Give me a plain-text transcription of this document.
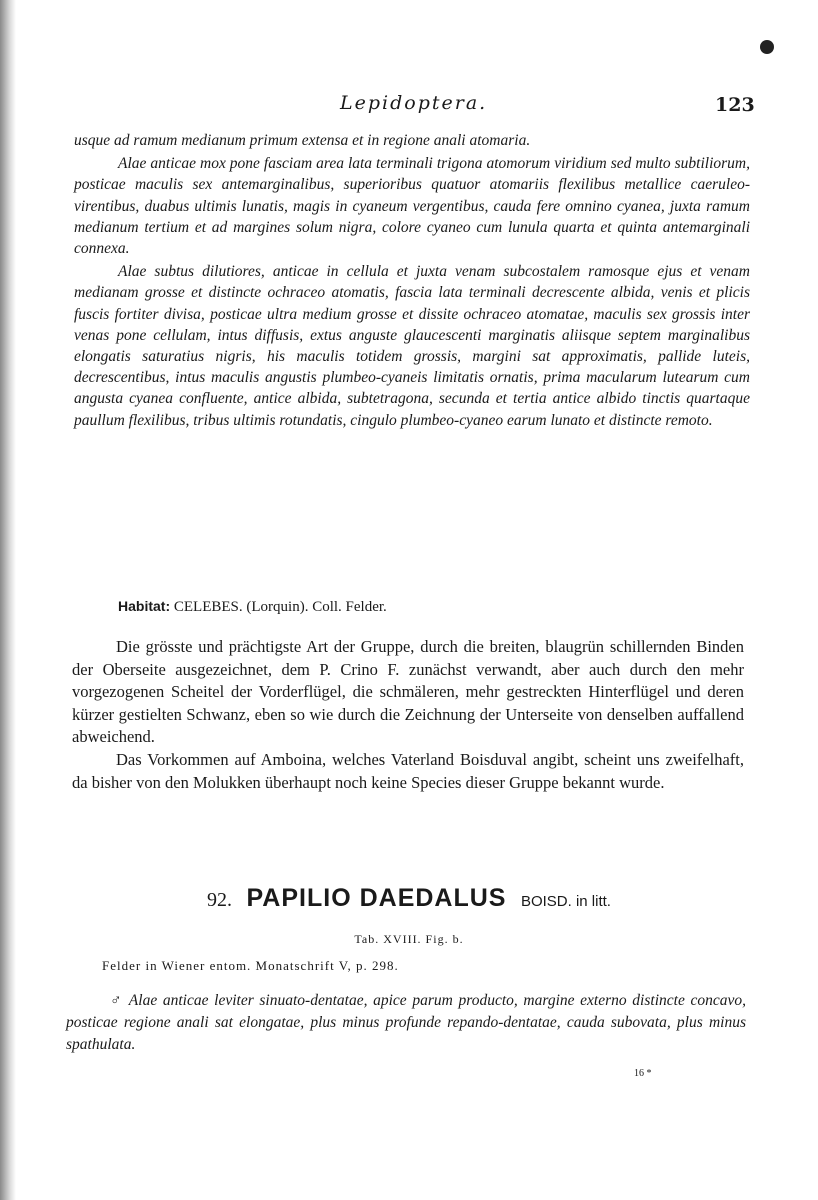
Lepidoptera.	123

usque ad ramum medianum primum extensa et in regione anali atomaria.

Alae anticae mox pone fasciam area lata terminali trigona atomorum viridium sed multo subtiliorum, posticae maculis sex antemarginalibus, superioribus quatuor atomariis flexilibus metallice caeruleo-virentibus, duabus ultimis lunatis, magis in cyaneum vergentibus, cauda fere omnino cyanea, juxta ramum medianum tertium et ad margines solum nigra, colore cyaneo cum lunula quarta et quinta antemarginali connexa.

Alae subtus dilutiores, anticae in cellula et juxta venam subcostalem ramosque ejus et venam medianam grosse et distincte ochraceo atomatis, fascia lata terminali decrescente albida, venis et plicis fuscis fortiter divisa, posticae ultra medium grosse et dissite ochraceo atomatae, maculis sex grossis inter venas pone cellulam, intus diffusis, extus anguste glaucescenti marginatis aliisque septem marginalibus elongatis saturatius nigris, his maculis totidem grossis, margini sat approximatis, pallide luteis, decrescentibus, intus maculis angustis plumbeo-cyaneis limitatis ornatis, prima macularum lutearum cum angusta cyanea confluente, antice albida, subtetragona, secunda et tertia antice albido tinctis quartaque paullum flexilibus, tribus ultimis rotundatis, cingulo plumbeo-cyaneo earum lunato et distincte remoto.

Habitat: CELEBES. (Lorquin). Coll. Felder.

Die grösste und prächtigste Art der Gruppe, durch die breiten, blaugrün schillernden Binden der Oberseite ausgezeichnet, dem P. Crino F. zunächst verwandt, aber auch durch den mehr vorgezogenen Scheitel der Vorderflügel, die schmäleren, mehr gestreckten Hinterflügel und deren kürzer gestielten Schwanz, eben so wie durch die Zeichnung der Unterseite von denselben auffallend abweichend.

Das Vorkommen auf Amboina, welches Vaterland Boisduval angibt, scheint uns zweifelhaft, da bisher von den Molukken überhaupt noch keine Species dieser Gruppe bekannt wurde.

92. PAPILIO DAEDALUS BOISD. in litt.
Tab. XVIII. Fig. b.
Felder in Wiener entom. Monatschrift V, p. 298.

♂ Alae anticae leviter sinuato-dentatae, apice parum producto, margine externo distincte concavo, posticae regione anali sat elongatae, plus minus profunde repando-dentatae, cauda subovata, plus minus spathulata.

16 *
